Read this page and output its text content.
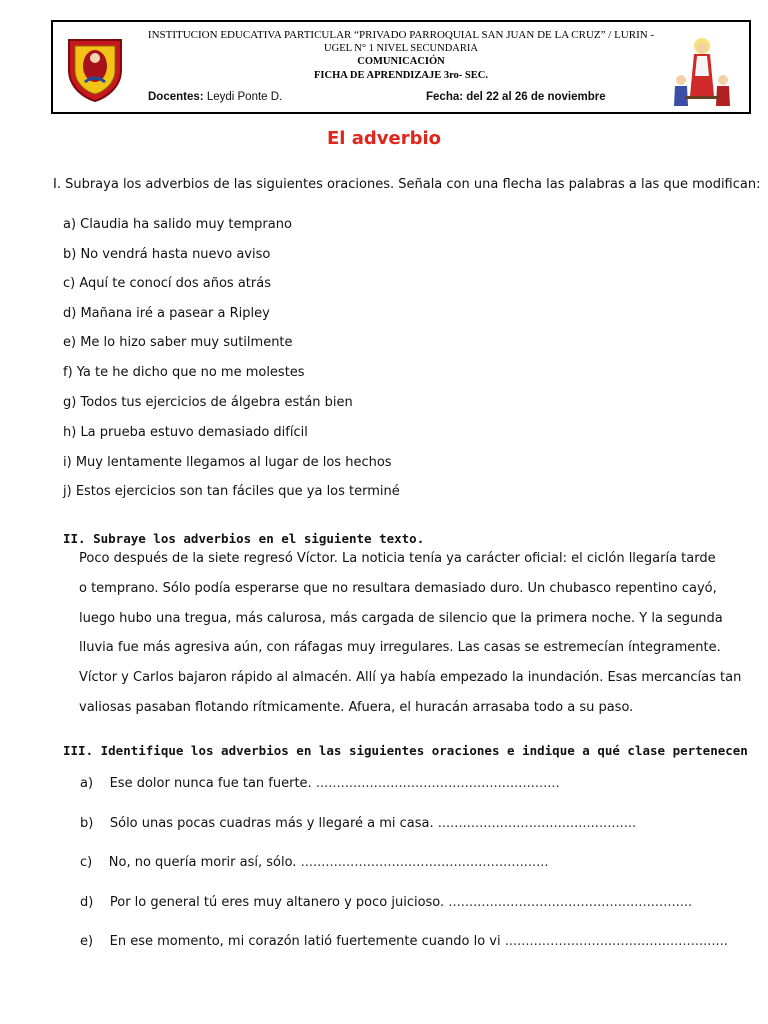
INSTITUCION EDUCATIVA PARTICULAR “PRIVADO PARROQUIAL SAN JUAN DE LA CRUZ” / LURIN -
UGEL N° 1 NIVEL SECUNDARIA
COMUNICACIÓN
FICHA DE APRENDIZAJE 3ro- SEC.
Docentes: Leydi Ponte D.	Fecha: del 22 al 26 de noviembre
El adverbio
I. Subraya los adverbios de las siguientes oraciones. Señala con una flecha las palabras a las que modifican:
a) Claudia ha salido muy temprano
b) No vendrá hasta nuevo aviso
c) Aquí te conocí dos años atrás
d) Mañana iré a pasear a Ripley
e) Me lo hizo saber muy sutilmente
f) Ya te he dicho que no me molestes
g) Todos tus ejercicios de álgebra están bien
h) La prueba estuvo demasiado difícil
i) Muy lentamente llegamos al lugar de los hechos
j) Estos ejercicios son tan fáciles que ya los terminé
II. Subraye los adverbios en el siguiente texto.
Poco después de la siete regresó Víctor. La noticia tenía ya carácter oficial: el ciclón llegaría tarde
o temprano. Sólo podía esperarse que no resultara demasiado duro. Un chubasco repentino cayó,
luego hubo una tregua, más calurosa, más cargada de silencio que la primera noche. Y la segunda
lluvia fue más agresiva aún, con ráfagas muy irregulares. Las casas se estremecían íntegramente.
Víctor y Carlos bajaron rápido al almacén. Allí ya había empezado la inundación. Esas mercancías tan
valiosas pasaban flotando rítmicamente. Afuera, el huracán arrasaba todo a su paso.
III. Identifique los adverbios en las siguientes oraciones e indique a qué clase pertenecen
a) Ese dolor nunca fue tan fuerte. ...........................................................
b) Sólo unas pocas cuadras más y llegaré a mi casa. ................................................
c) No, no quería morir así, sólo. ............................................................
d) Por lo general tú eres muy altanero y poco juicioso. ...........................................................
e) En ese momento, mi corazón latió fuertemente cuando lo vi ......................................................
